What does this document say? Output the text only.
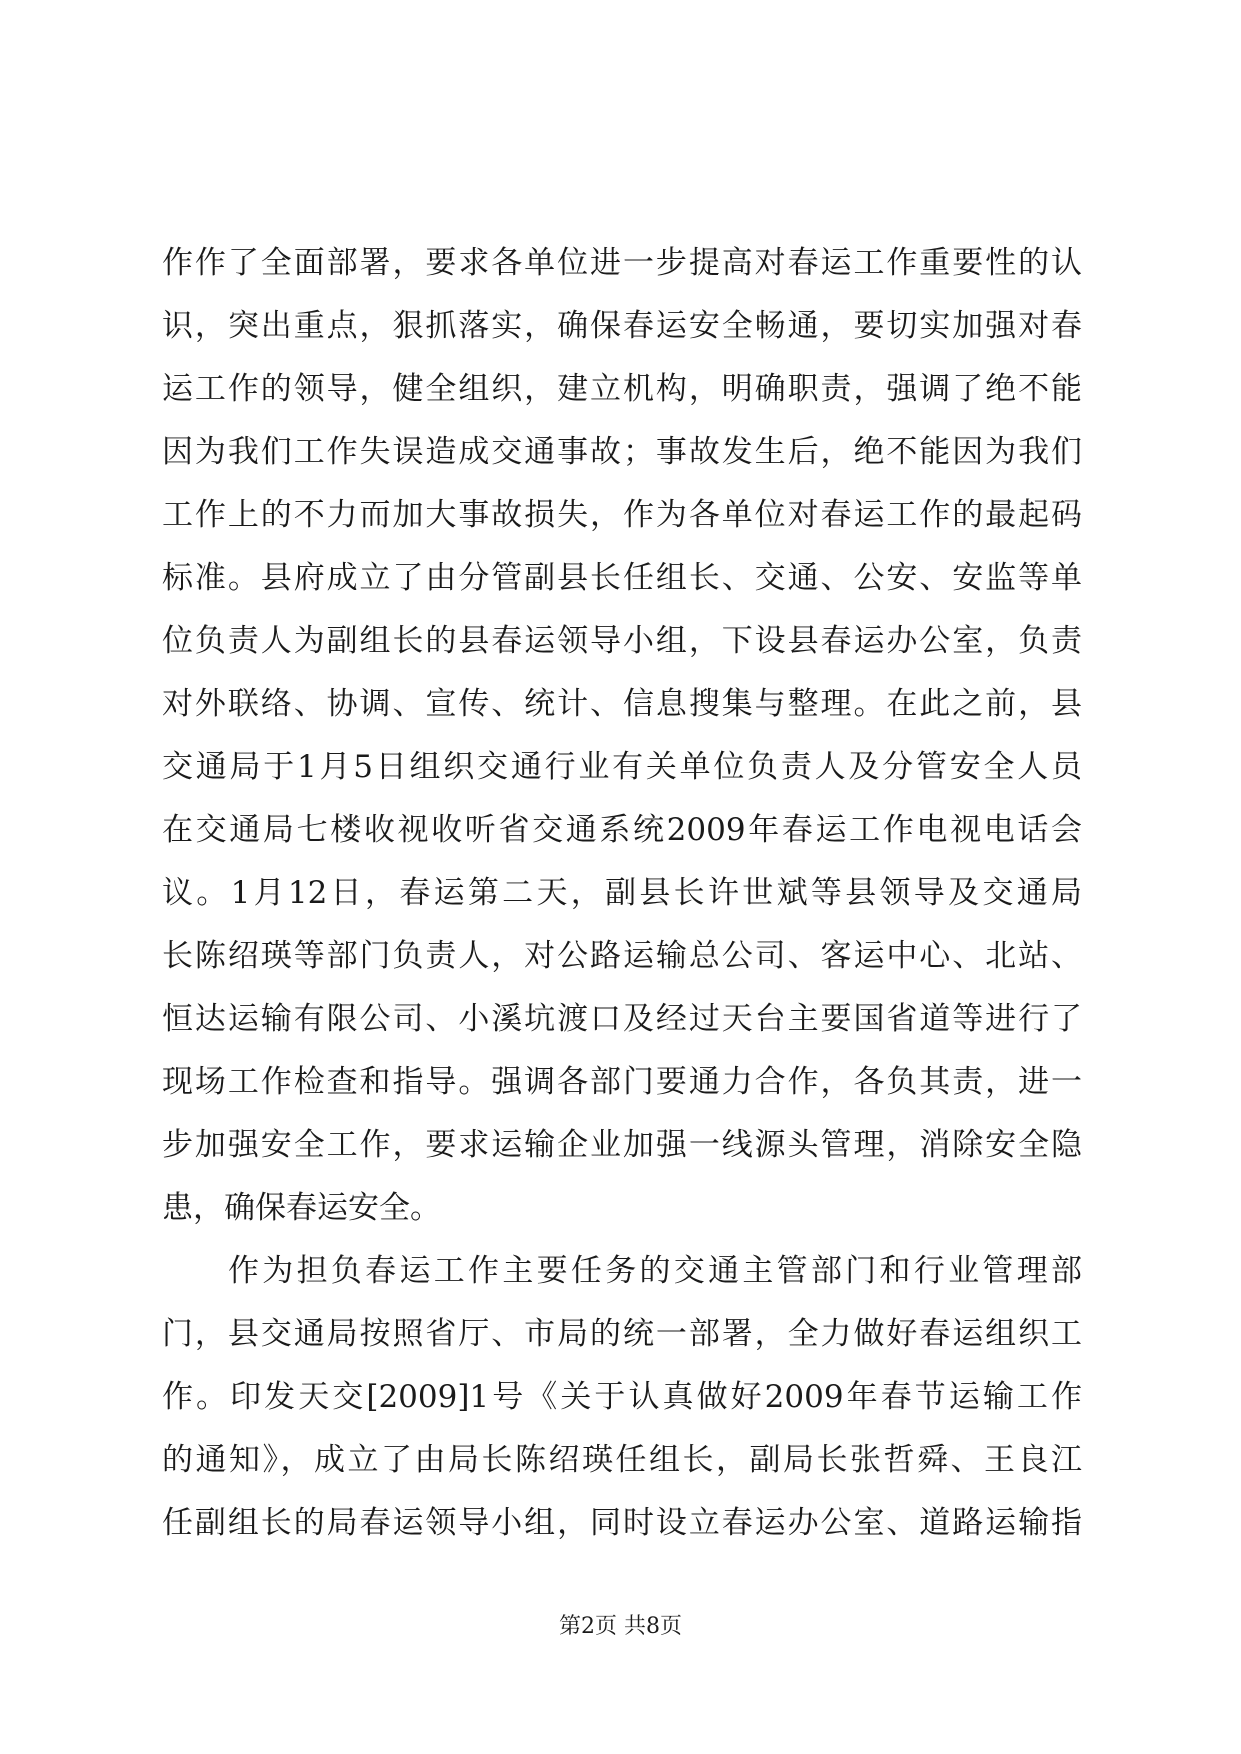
作作了全面部署，要求各单位进一步提高对春运工作重要性的认
识，突出重点，狠抓落实，确保春运安全畅通，要切实加强对春
运工作的领导，健全组织，建立机构，明确职责，强调了绝不能
因为我们工作失误造成交通事故；事故发生后，绝不能因为我们
工作上的不力而加大事故损失，作为各单位对春运工作的最起码
标准。县府成立了由分管副县长任组长、交通、公安、安监等单
位负责人为副组长的县春运领导小组，下设县春运办公室，负责
对外联络、协调、宣传、统计、信息搜集与整理。在此之前，县
交通局于1月5日组织交通行业有关单位负责人及分管安全人员
在交通局七楼收视收听省交通系统2009年春运工作电视电话会
议。1月12日，春运第二天，副县长许世斌等县领导及交通局
长陈绍瑛等部门负责人，对公路运输总公司、客运中心、北站、
恒达运输有限公司、小溪坑渡口及经过天台主要国省道等进行了
现场工作检查和指导。强调各部门要通力合作，各负其责，进一
步加强安全工作，要求运输企业加强一线源头管理，消除安全隐
患，确保春运安全。
作为担负春运工作主要任务的交通主管部门和行业管理部
门，县交通局按照省厅、市局的统一部署，全力做好春运组织工
作。印发天交[2009]1号《关于认真做好2009年春节运输工作
的通知》，成立了由局长陈绍瑛任组长，副局长张哲舜、王良江
任副组长的局春运领导小组，同时设立春运办公室、道路运输指
第2页 共8页
